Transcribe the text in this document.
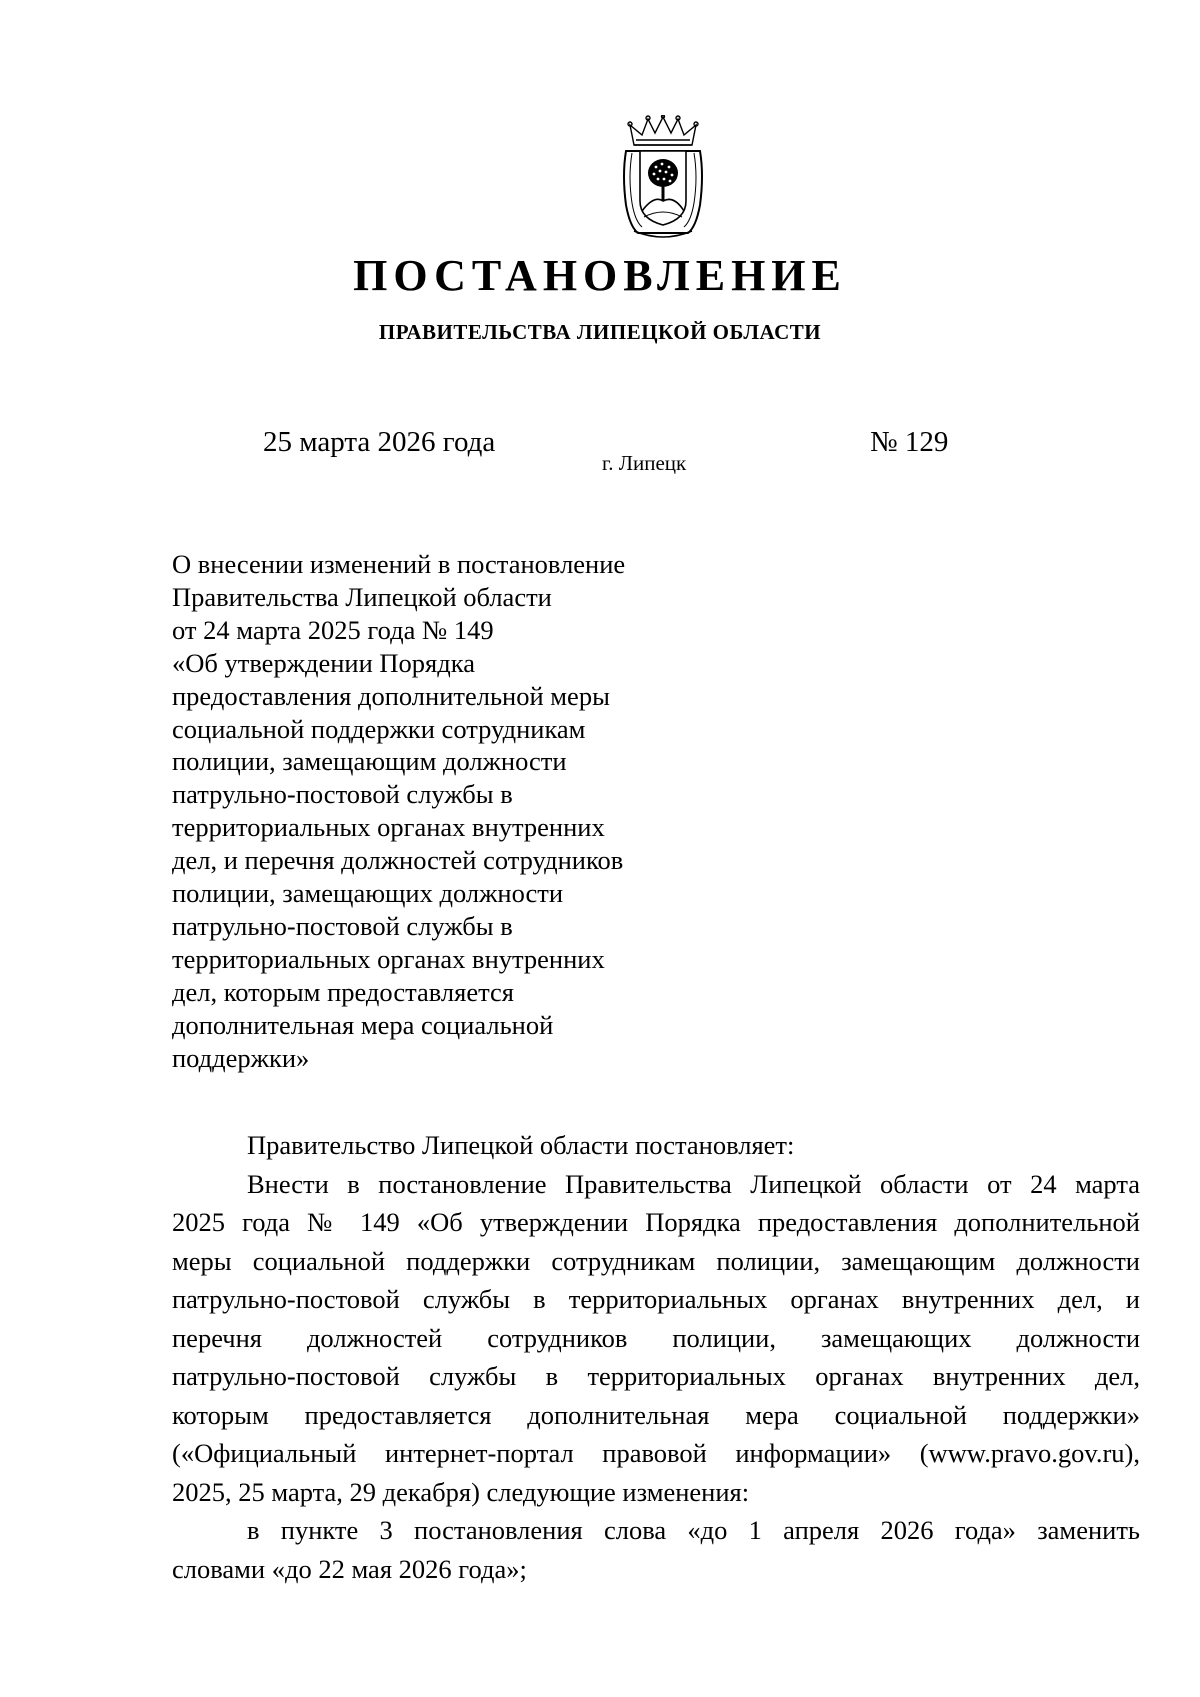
ПОСТАНОВЛЕНИЕ
ПРАВИТЕЛЬСТВА ЛИПЕЦКОЙ ОБЛАСТИ
25 марта 2026 года
г. Липецк
№ 129
О внесении изменений в постановление
Правительства Липецкой области
от 24 марта 2025 года № 149
«Об утверждении Порядка
предоставления дополнительной меры
социальной поддержки сотрудникам
полиции, замещающим должности
патрульно-постовой службы в
территориальных органах внутренних
дел, и перечня должностей сотрудников
полиции, замещающих должности
патрульно-постовой службы в
территориальных органах внутренних
дел, которым предоставляется
дополнительная мера социальной
поддержки»
Правительство Липецкой области постановляет:
Внести в постановление Правительства Липецкой области от 24 марта
2025 года № 149 «Об утверждении Порядка предоставления дополнительной
меры социальной поддержки сотрудникам полиции, замещающим должности
патрульно-постовой службы в территориальных органах внутренних дел, и
перечня должностей сотрудников полиции, замещающих должности
патрульно-постовой службы в территориальных органах внутренних дел,
которым предоставляется дополнительная мера социальной поддержки»
(«Официальный интернет-портал правовой информации» (www.pravo.gov.ru),
2025, 25 марта, 29 декабря) следующие изменения:
в пункте 3 постановления слова «до 1 апреля 2026 года» заменить
словами «до 22 мая 2026 года»;
